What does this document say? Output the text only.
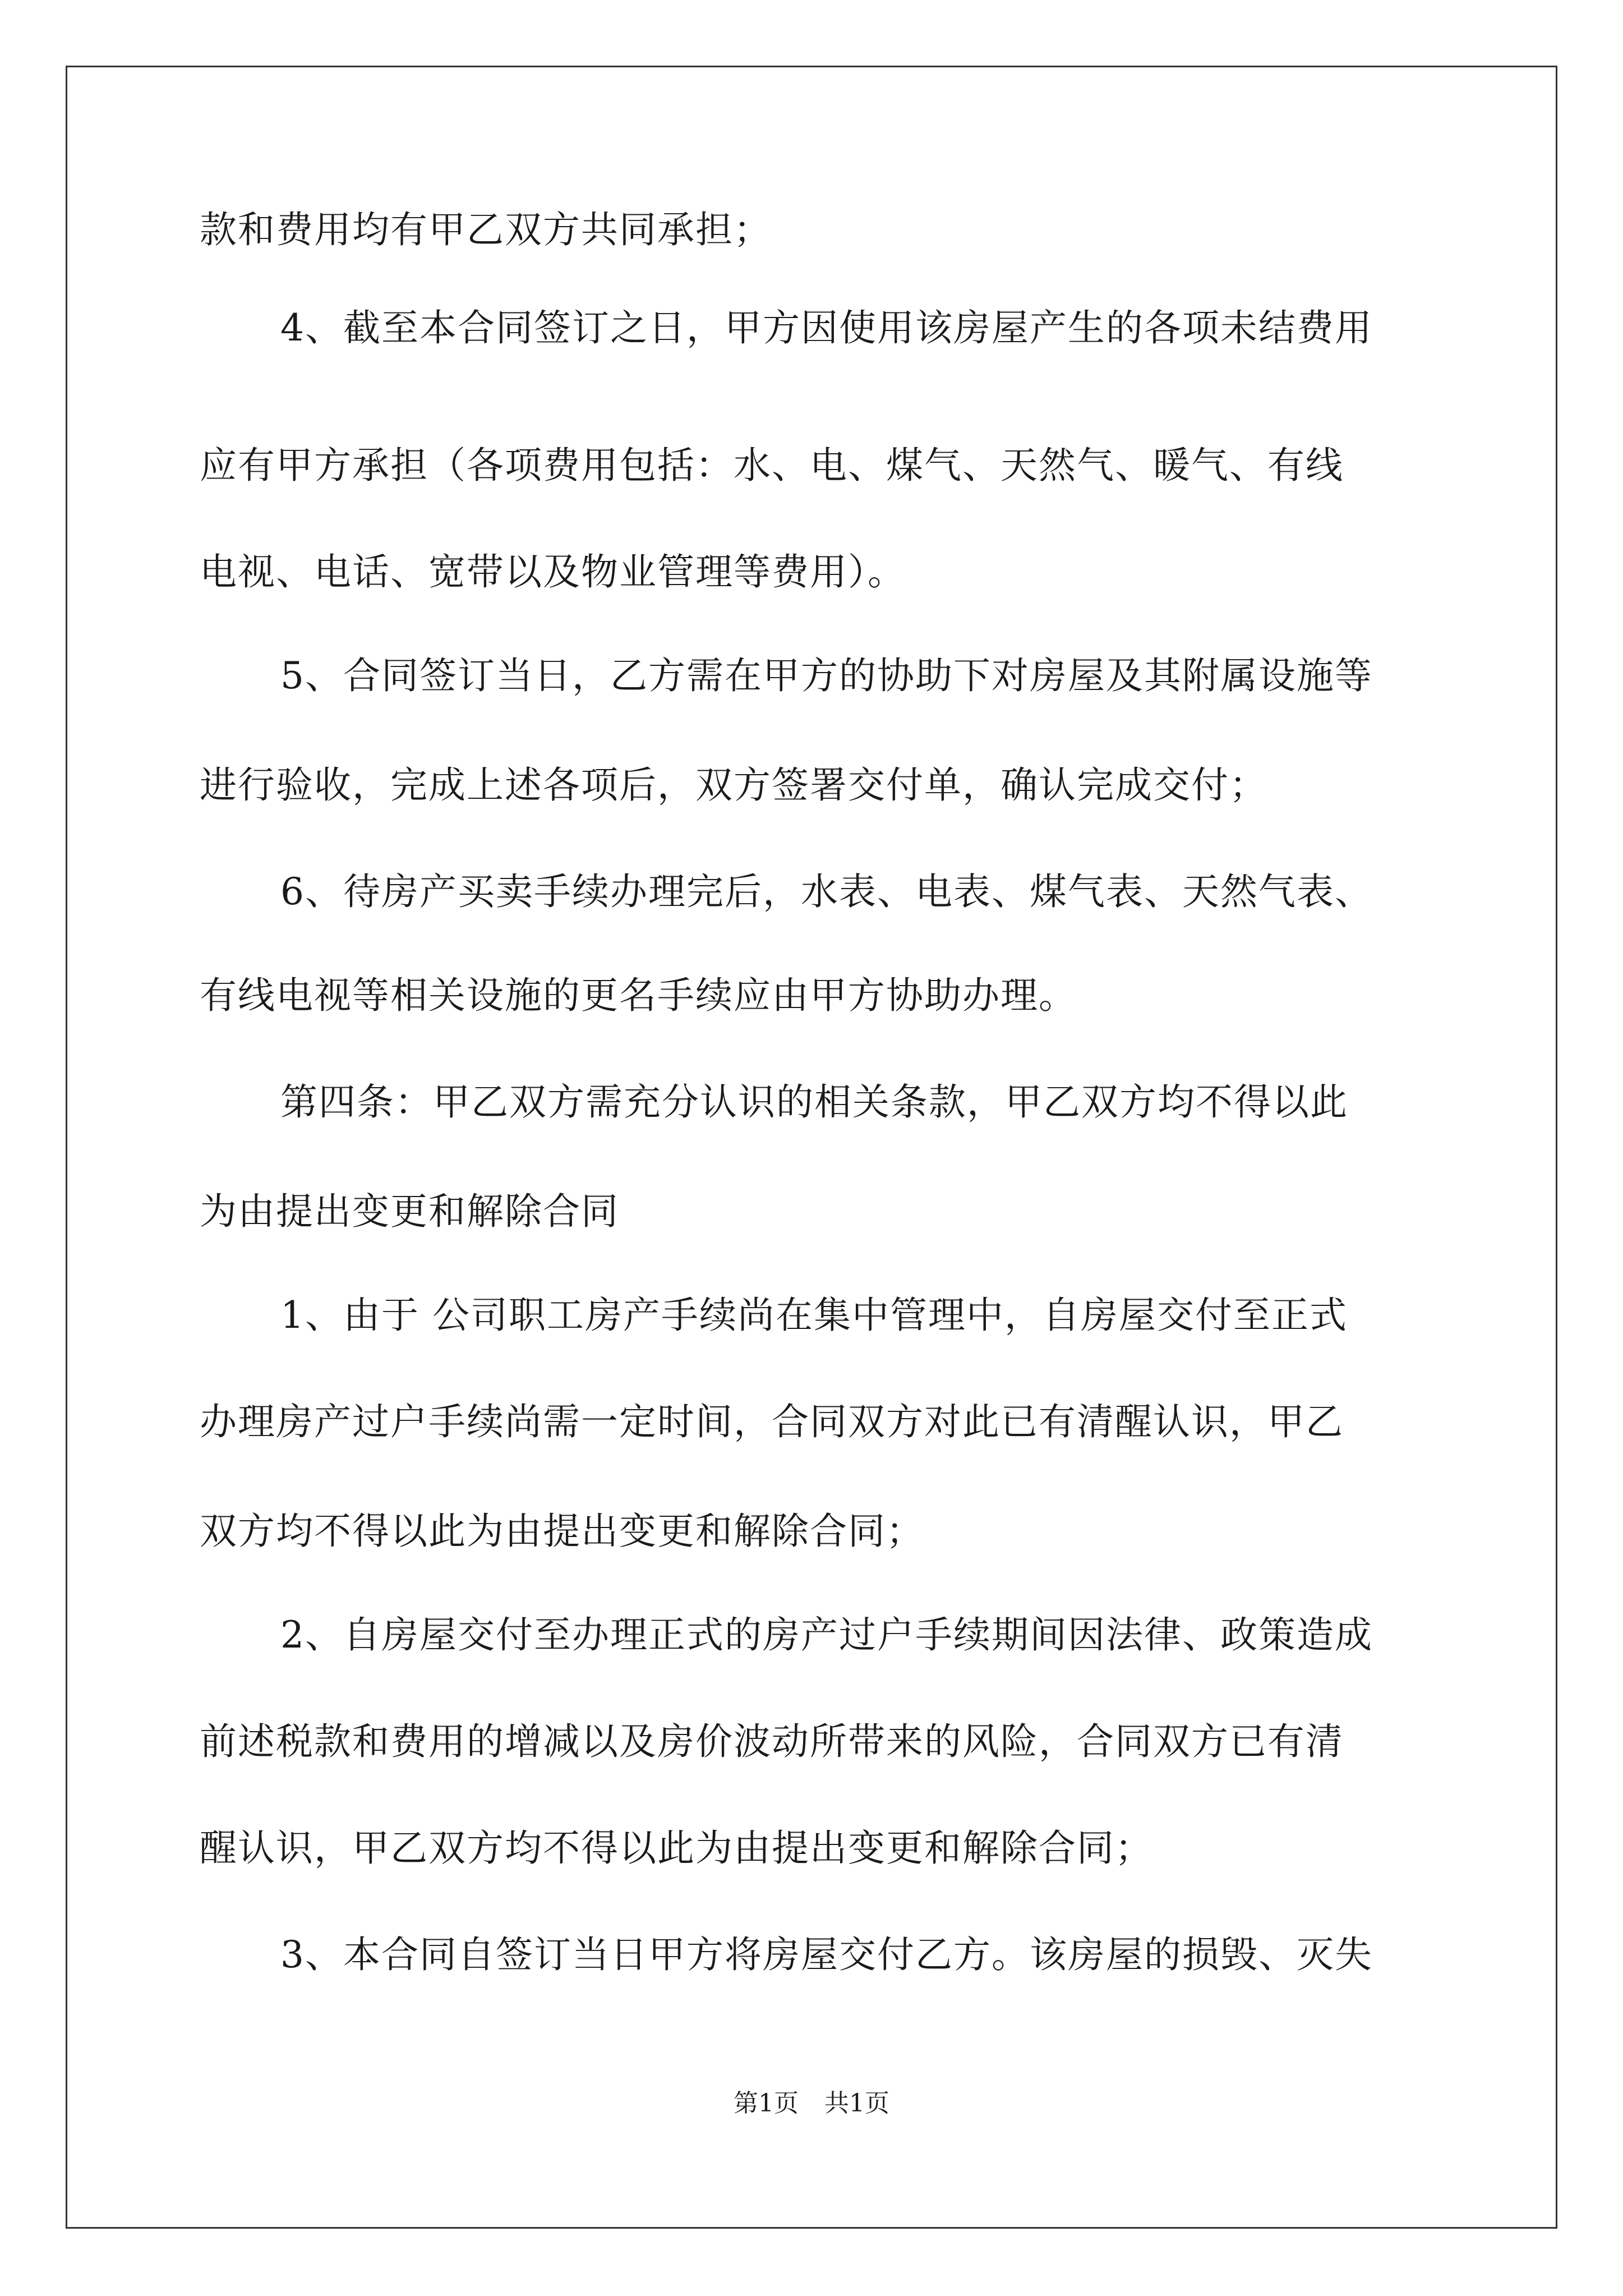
款和费用均有甲乙双方共同承担；
4、截至本合同签订之日，甲方因使用该房屋产生的各项未结费用
应有甲方承担（各项费用包括：水、电、煤气、天然气、暖气、有线
电视、电话、宽带以及物业管理等费用）。
5、合同签订当日，乙方需在甲方的协助下对房屋及其附属设施等
进行验收，完成上述各项后，双方签署交付单，确认完成交付；
6、待房产买卖手续办理完后，水表、电表、煤气表、天然气表、
有线电视等相关设施的更名手续应由甲方协助办理。
第四条：甲乙双方需充分认识的相关条款，甲乙双方均不得以此
为由提出变更和解除合同
1、由于 公司职工房产手续尚在集中管理中，自房屋交付至正式
办理房产过户手续尚需一定时间，合同双方对此已有清醒认识，甲乙
双方均不得以此为由提出变更和解除合同；
2、自房屋交付至办理正式的房产过户手续期间因法律、政策造成
前述税款和费用的增减以及房价波动所带来的风险，合同双方已有清
醒认识，甲乙双方均不得以此为由提出变更和解除合同；
3、本合同自签订当日甲方将房屋交付乙方。该房屋的损毁、灭失
第1页 共1页
